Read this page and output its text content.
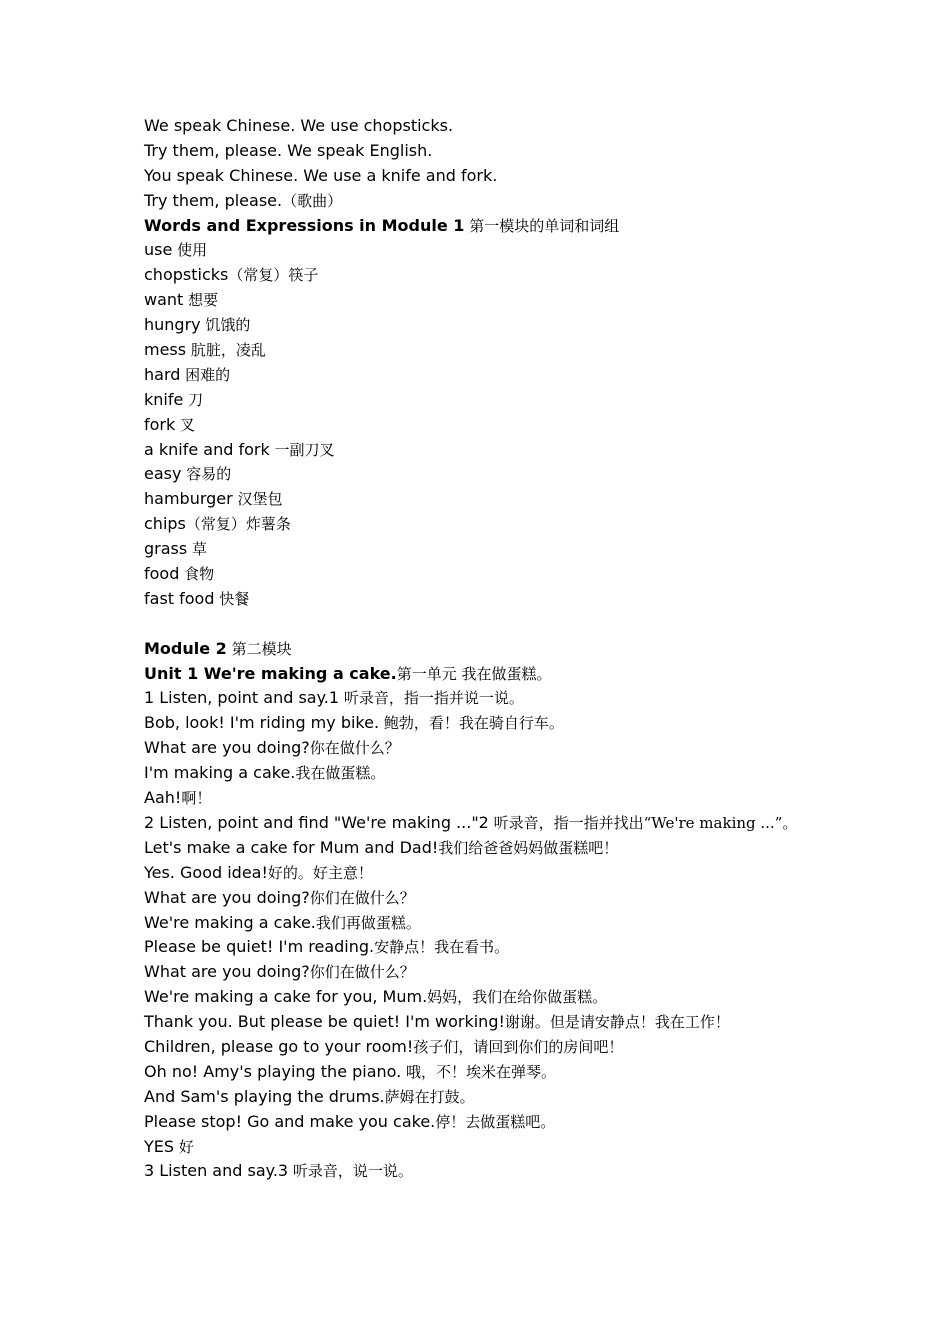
We speak Chinese. We use chopsticks.
Try them, please. We speak English.
You speak Chinese. We use a knife and fork.
Try them, please.（歌曲）
Words and Expressions in Module 1 第一模块的单词和词组
use 使用
chopsticks（常复）筷子
want 想要
hungry 饥饿的
mess 肮脏，凌乱
hard 困难的
knife 刀
fork 叉
a knife and fork 一副刀叉
easy 容易的
hamburger 汉堡包
chips（常复）炸薯条
grass 草
food 食物
fast food 快餐
Module 2 第二模块
Unit 1 We're making a cake.第一单元 我在做蛋糕。
1 Listen, point and say.1 听录音，指一指并说一说。
Bob, look! I'm riding my bike. 鲍勃，看！我在骑自行车。
What are you doing?你在做什么？
I'm making a cake.我在做蛋糕。
Aah!啊！
2 Listen, point and find "We're making ..."2 听录音，指一指并找出“We're making ...”。
Let's make a cake for Mum and Dad!我们给爸爸妈妈做蛋糕吧！
Yes. Good idea!好的。好主意！
What are you doing?你们在做什么？
We're making a cake.我们再做蛋糕。
Please be quiet! I'm reading.安静点！我在看书。
What are you doing?你们在做什么？
We're making a cake for you, Mum.妈妈，我们在给你做蛋糕。
Thank you. But please be quiet! I'm working!谢谢。但是请安静点！我在工作！
Children, please go to your room!孩子们，请回到你们的房间吧！
Oh no! Amy's playing the piano. 哦，不！埃米在弹琴。
And Sam's playing the drums.萨姆在打鼓。
Please stop! Go and make you cake.停！去做蛋糕吧。
YES 好
3 Listen and say.3 听录音，说一说。
